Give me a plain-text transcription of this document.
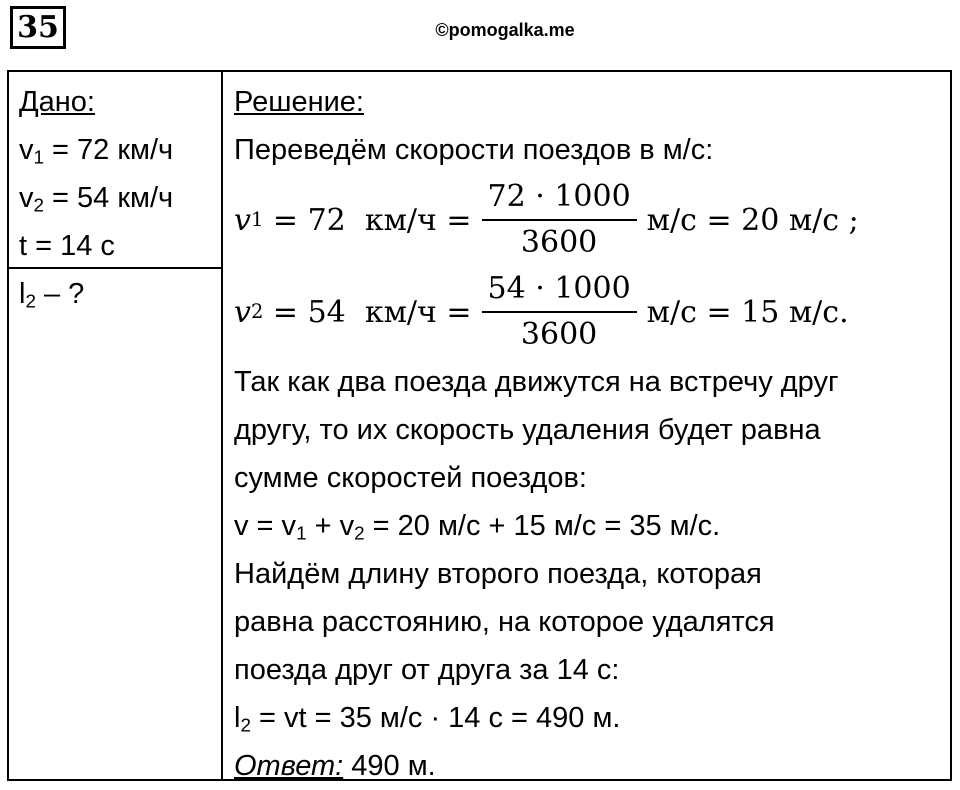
35	©pomogalka.me
Дано:
$v_1 = 72$ км/ч
$v_2 = 54$ км/ч
t = 14 с
$l_2$ – ?
Решение:
Переведём скорости поездов в м/с:
v 1 = 72  $км/ч = \frac{72 \cdot 1000}{3600} м/с = 20$ м/с ;
v 2 = 54  $км/ч = \frac{54 \cdot 1000}{3600} м/с = 15$ м/с.
Так как два поезда движутся на встречу друг
другу, то их скорость удаления будет равна
сумме скоростей поездов:
$v = v_1 + v_2 = 20$ м/с + 15 м/с = 35 м/с.
Найдём длину второго поезда, которая
равна расстоянию, на которое удалятся
поезда друг от друга за 14 с:
$l_2$ = vt = 35 м/с · 14 с = 490 м.
Ответ: 490 м.
